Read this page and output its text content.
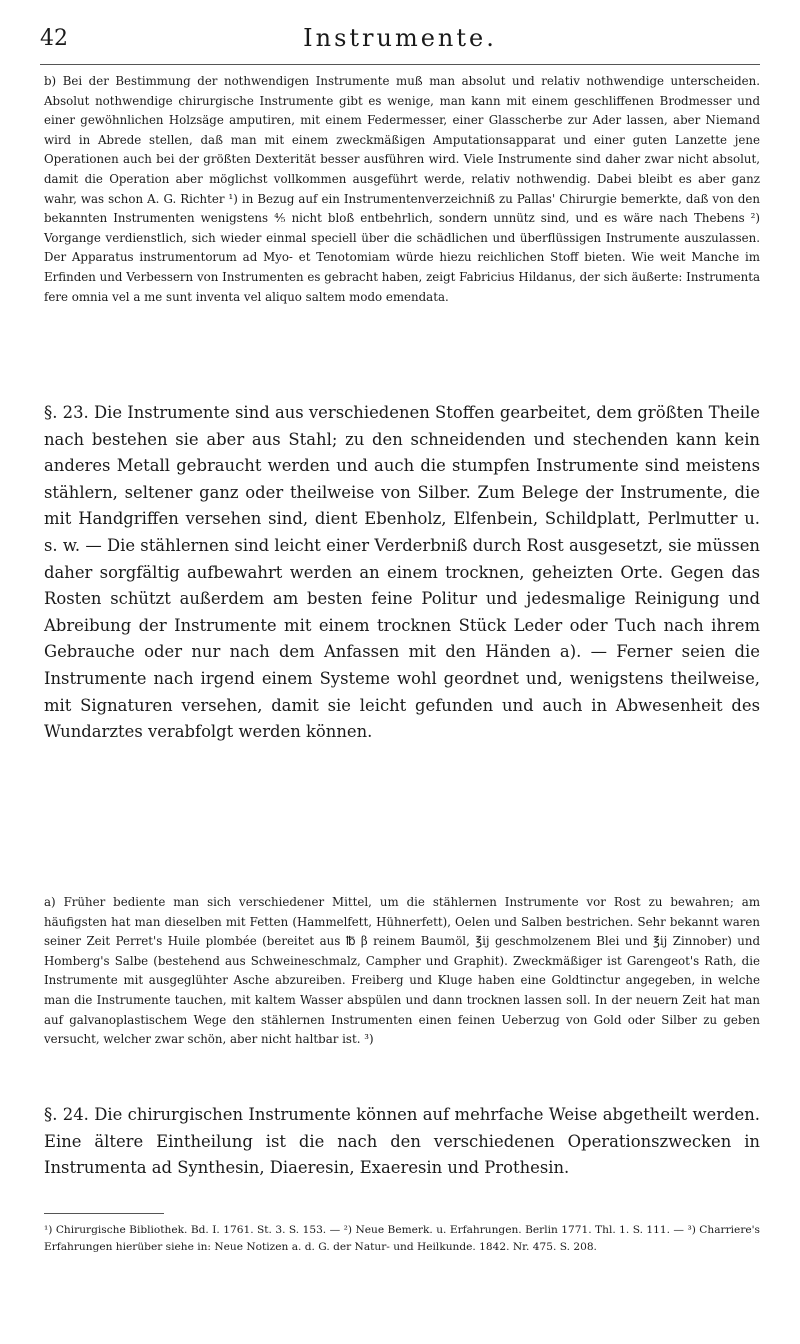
42	Instrumente.

b) Bei der Bestimmung der nothwendigen Instrumente muß man absolut und relativ nothwendige unterscheiden. Absolut nothwendige chirurgische Instrumente gibt es wenige, man kann mit einem geschliffenen Brodmesser und einer gewöhnlichen Holzsäge amputiren, mit einem Federmesser, einer Glasscherbe zur Ader lassen, aber Niemand wird in Abrede stellen, daß man mit einem zweckmäßigen Amputationsapparat und einer guten Lanzette jene Operationen auch bei der größten Dexterität besser ausführen wird. Viele Instrumente sind daher zwar nicht absolut, damit die Operation aber möglichst vollkommen ausgeführt werde, relativ nothwendig. Dabei bleibt es aber ganz wahr, was schon A. G. Richter ¹) in Bezug auf ein Instrumentenverzeichniß zu Pallas' Chirurgie bemerkte, daß von den bekannten Instrumenten wenigstens ⁴⁄₅ nicht bloß entbehrlich, sondern unnütz sind, und es wäre nach Thebens ²) Vorgange verdienstlich, sich wieder einmal speciell über die schädlichen und überflüssigen Instrumente auszulassen. Der Apparatus instrumentorum ad Myo- et Tenotomiam würde hiezu reichlichen Stoff bieten. Wie weit Manche im Erfinden und Verbessern von Instrumenten es gebracht haben, zeigt Fabricius Hildanus, der sich äußerte: Instrumenta fere omnia vel a me sunt inventa vel aliquo saltem modo emendata.

§. 23. Die Instrumente sind aus verschiedenen Stoffen gearbeitet, dem größten Theile nach bestehen sie aber aus Stahl; zu den schneidenden und stechenden kann kein anderes Metall gebraucht werden und auch die stumpfen Instrumente sind meistens stählern, seltener ganz oder theilweise von Silber. Zum Belege der Instrumente, die mit Handgriffen versehen sind, dient Ebenholz, Elfenbein, Schildplatt, Perlmutter u. s. w. — Die stählernen sind leicht einer Verderbniß durch Rost ausgesetzt, sie müssen daher sorgfältig aufbewahrt werden an einem trocknen, geheizten Orte. Gegen das Rosten schützt außerdem am besten feine Politur und jedesmalige Reinigung und Abreibung der Instrumente mit einem trocknen Stück Leder oder Tuch nach ihrem Gebrauche oder nur nach dem Anfassen mit den Händen a). — Ferner seien die Instrumente nach irgend einem Systeme wohl geordnet und, wenigstens theilweise, mit Signaturen versehen, damit sie leicht gefunden und auch in Abwesenheit des Wundarztes verabfolgt werden können.

a) Früher bediente man sich verschiedener Mittel, um die stählernen Instrumente vor Rost zu bewahren; am häufigsten hat man dieselben mit Fetten (Hammelfett, Hühnerfett), Oelen und Salben bestrichen. Sehr bekannt waren seiner Zeit Perret's Huile plombée (bereitet aus ℔ β reinem Baumöl, ℥ij geschmolzenem Blei und ℥ij Zinnober) und Homberg's Salbe (bestehend aus Schweineschmalz, Campher und Graphit). Zweckmäßiger ist Garengeot's Rath, die Instrumente mit ausgeglühter Asche abzureiben. Freiberg und Kluge haben eine Goldtinctur angegeben, in welche man die Instrumente tauchen, mit kaltem Wasser abspülen und dann trocknen lassen soll. In der neuern Zeit hat man auf galvanoplastischem Wege den stählernen Instrumenten einen feinen Ueberzug von Gold oder Silber zu geben versucht, welcher zwar schön, aber nicht haltbar ist. ³)

§. 24. Die chirurgischen Instrumente können auf mehrfache Weise abgetheilt werden. Eine ältere Eintheilung ist die nach den verschiedenen Operationszwecken in Instrumenta ad Synthesin, Diaeresin, Exaeresin und Prothesin.

¹) Chirurgische Bibliothek. Bd. I. 1761. St. 3. S. 153. — ²) Neue Bemerk. u. Erfahrungen. Berlin 1771. Thl. 1. S. 111. — ³) Charriere's Erfahrungen hierüber siehe in: Neue Notizen a. d. G. der Natur- und Heilkunde. 1842. Nr. 475. S. 208.
